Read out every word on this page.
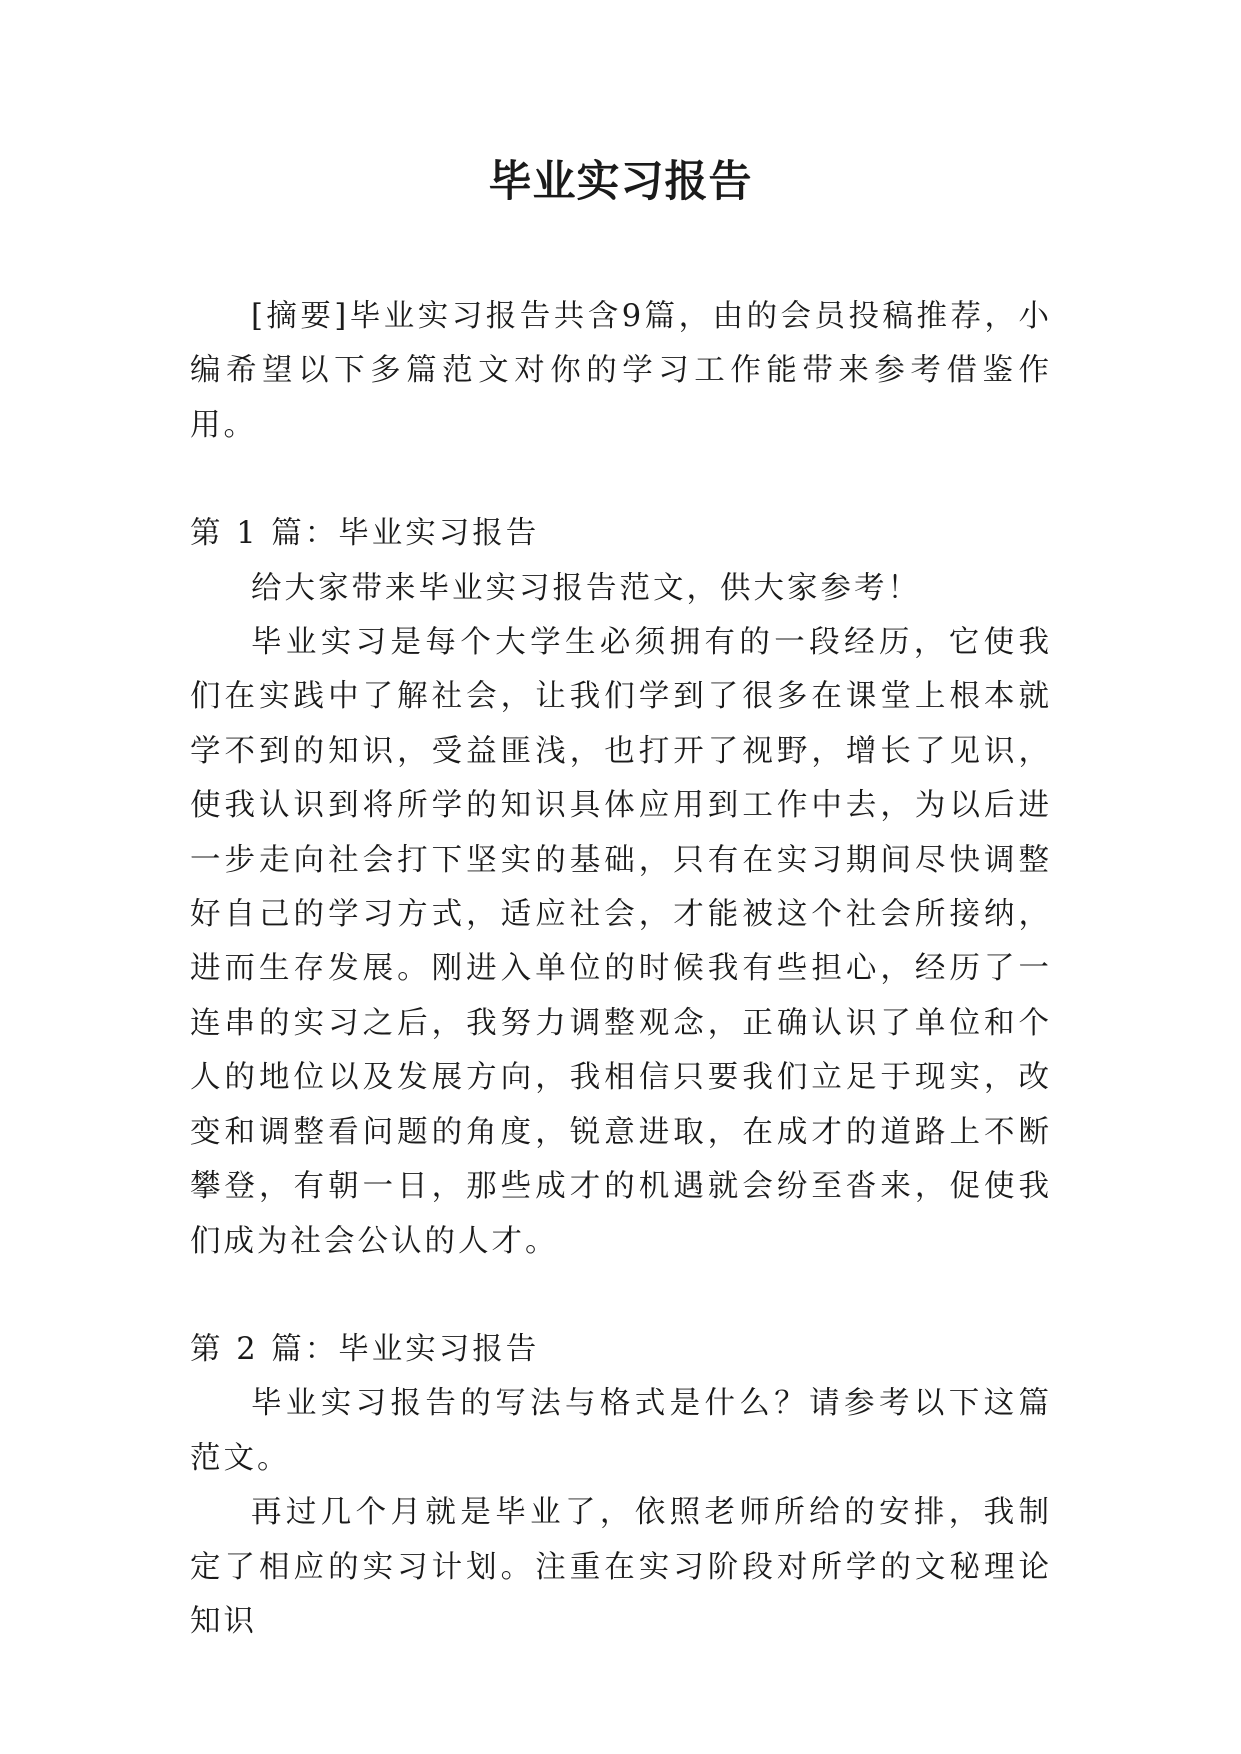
毕业实习报告

[摘要]毕业实习报告共含9篇，由的会员投稿推荐，小编希望以下多篇范文对你的学习工作能带来参考借鉴作用。

第 1 篇：毕业实习报告

给大家带来毕业实习报告范文，供大家参考！

毕业实习是每个大学生必须拥有的一段经历，它使我们在实践中了解社会，让我们学到了很多在课堂上根本就学不到的知识，受益匪浅，也打开了视野，增长了见识，使我认识到将所学的知识具体应用到工作中去，为以后进一步走向社会打下坚实的基础，只有在实习期间尽快调整好自己的学习方式，适应社会，才能被这个社会所接纳，进而生存发展。刚进入单位的时候我有些担心，经历了一连串的实习之后，我努力调整观念，正确认识了单位和个人的地位以及发展方向，我相信只要我们立足于现实，改变和调整看问题的角度，锐意进取，在成才的道路上不断攀登，有朝一日，那些成才的机遇就会纷至沓来，促使我们成为社会公认的人才。

第 2 篇：毕业实习报告

毕业实习报告的写法与格式是什么？请参考以下这篇范文。

再过几个月就是毕业了，依照老师所给的安排，我制定了相应的实习计划。注重在实习阶段对所学的文秘理论知识
